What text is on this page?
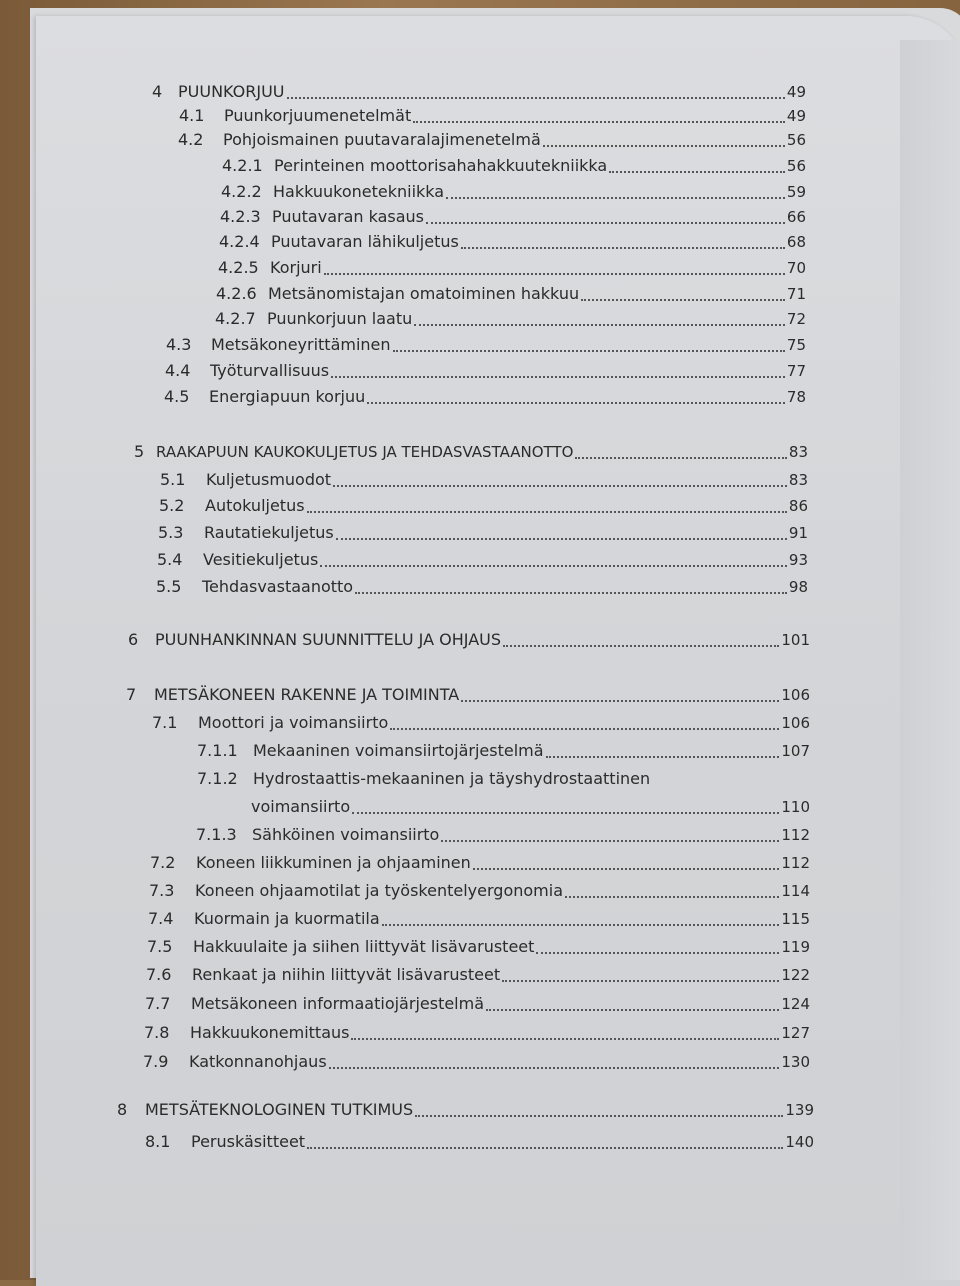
4 PUUNKORJUU	49
4.1	Puunkorjuumenetelmät	49
4.2	Pohjoismainen puutavaralajimenetelmä	56
4.2.1 Perinteinen moottorisahahakkuutekniikka	56
4.2.2 Hakkuukonetekniikka	59
4.2.3 Puutavaran kasaus	66
4.2.4 Puutavaran lähikuljetus	68
4.2.5 Korjuri	70
4.2.6 Metsänomistajan omatoiminen hakkuu	71
4.2.7 Puunkorjuun laatu	72
4.3	Metsäkoneyrittäminen	75
4.4	Työturvallisuus	77
4.5	Energiapuun korjuu	78
5 RAAKAPUUN KAUKOKULJETUS JA TEHDASVASTAANOTTO	83
5.1	Kuljetusmuodot	83
5.2	Autokuljetus	86
5.3	Rautatiekuljetus	91
5.4	Vesitiekuljetus	93
5.5	Tehdasvastaanotto	98
6	PUUNHANKINNAN SUUNNITTELU JA OHJAUS	101
7	METSÄKONEEN RAKENNE JA TOIMINTA	106
7.1	Moottori ja voimansiirto	106
7.1.1 Mekaaninen voimansiirtojärjestelmä	107
7.1.2 Hydrostaattis-mekaaninen ja täyshydrostaattinen
voimansiirto	110
7.1.3 Sähköinen voimansiirto	112
7.2	Koneen liikkuminen ja ohjaaminen	112
7.3	Koneen ohjaamotilat ja työskentelyergonomia	114
7.4	Kuormain ja kuormatila	115
7.5	Hakkuulaite ja siihen liittyvät lisävarusteet	119
7.6	Renkaat ja niihin liittyvät lisävarusteet	122
7.7	Metsäkoneen informaatiojärjestelmä	124
7.8	Hakkuukonemittaus	127
7.9	Katkonnanohjaus	130
8	METSÄTEKNOLOGINEN TUTKIMUS	139
8.1	Peruskäsitteet	140
